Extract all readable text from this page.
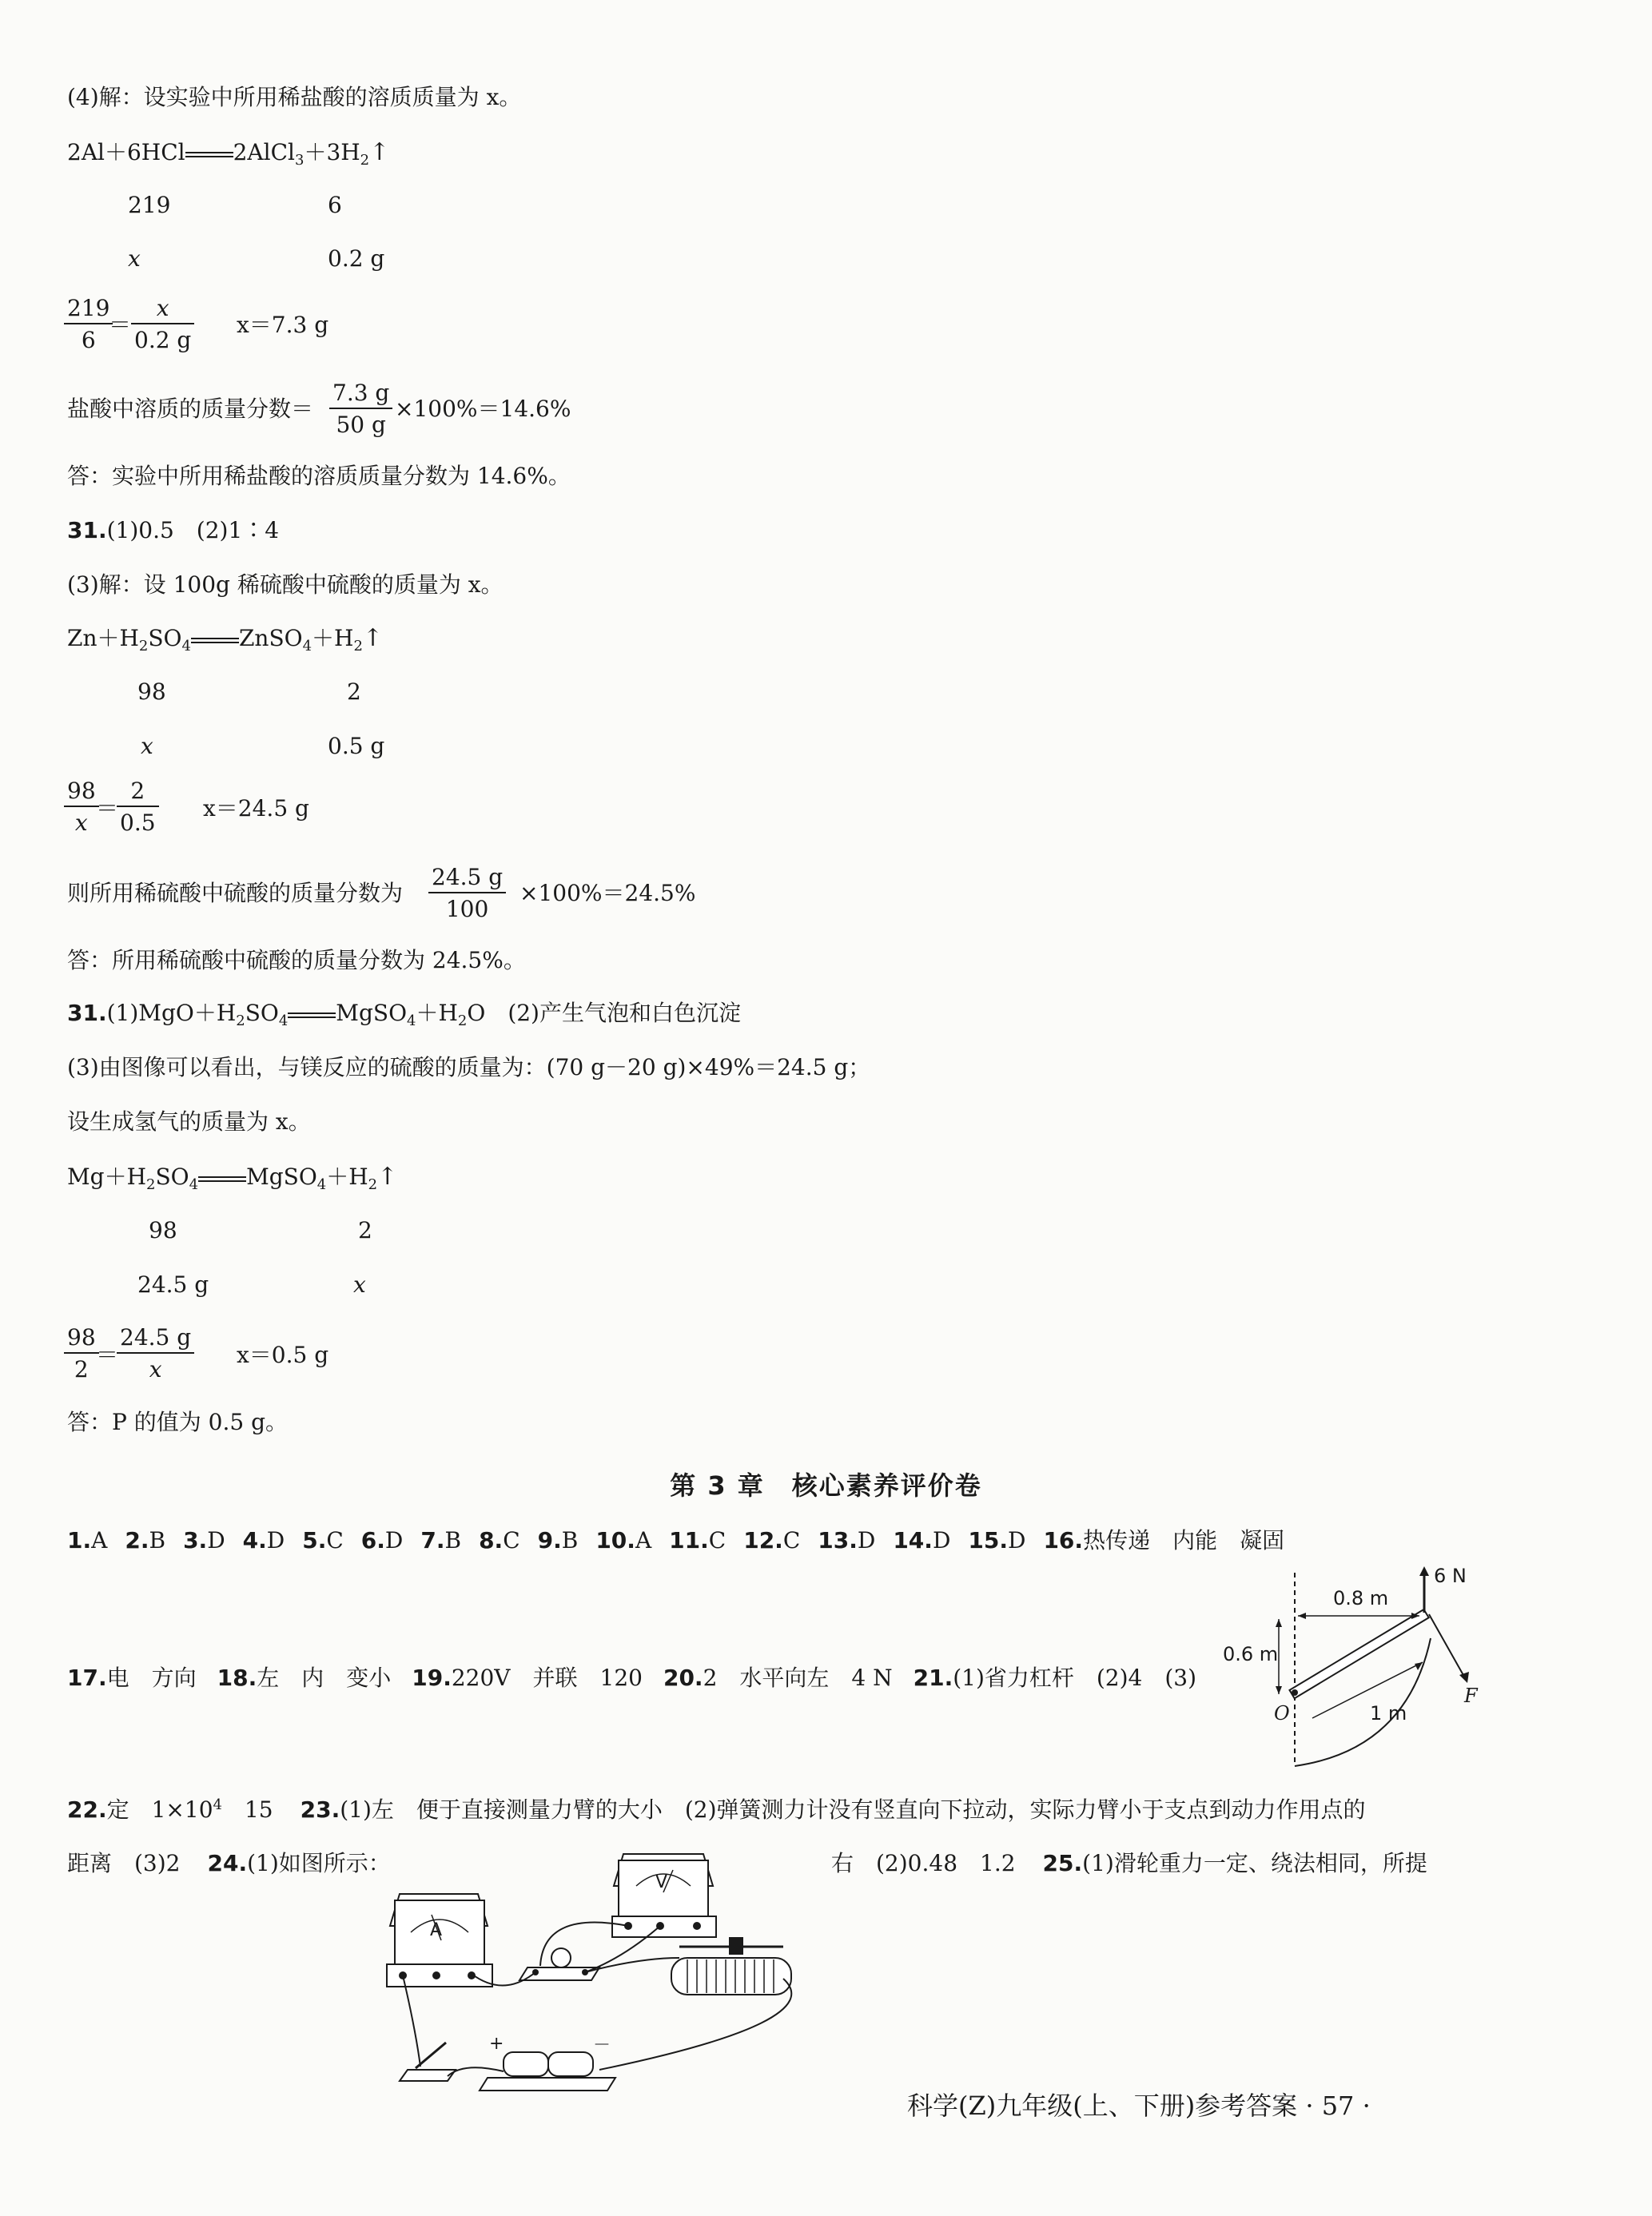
(4)解：设实验中所用稀盐酸的溶质质量为 x。
2Al＋6HCl $2AlCl_3+3H_2↑$
219	6
x	0.2 g
$\frac{219}{6}$
＝ $\frac{x}{0.2 g} x=7.3$ g
盐酸中溶质的质量分数＝ $\frac{7.3 g}{50 g} \times 100\%=14.6\%$
答：实验中所用稀盐酸的溶质质量分数为 14.6%。
31.(1)0.5　(2)1∶4
(3)解：设 100g 稀硫酸中硫酸的质量为 x。
$Zn+H_2SO_4$ $ZnSO_4+H_2↑$
98	2
x	0.5 g
$\frac{98}{x}$
＝
$\frac{2}{0.5} x=24.5$ g
则所用稀硫酸中硫酸的质量分数为 $\frac{24.5 g}{100} \times 100\%=24.5\%$
答：所用稀硫酸中硫酸的质量分数为 24.5%。
$31.(1)MgO+H_2SO_4$ $MgSO_4+H_2O$　(2)产生气泡和白色沉淀
(3)由图像可以看出，与镁反应的硫酸的质量为：(70 g－20 g)×49%＝24.5 g；
设生成氢气的质量为 x。
$Mg+H_2SO_4$ $MgSO_4+H_2↑$
98	2
24.5 g	x
$\frac{98}{2}$
＝
$\frac{24.5 g}{x} x=0.5$ g
答：P 的值为 0.5 g。
第 3 章　核心素养评价卷
1.A 2.B 3.D 4.D 5.C 6.D 7.B 8.C 9.B 10.A 11.C 12.C 13.D 14.D 15.D 16.热传递　内能　凝固
17.电　方向 18.左　内　变小 19.220V　并联　120 20.2　水平向左　4 N 21.(1)省力杠杆　(2)4　(3)
6 N
0.8 m
0.6 m
O	1 m
F
22.定　$1\times 10^4$　15 23.(1)左　便于直接测量力臂的大小　(2)弹簧测力计没有竖直向下拉动，实际力臂小于支点到动力作用点的
距离　(3)2 24.(1)如图所示：	右　(2)0.48　1.2 25.(1)滑轮重力一定、绕法相同，所提
V
A
+	－
科学(Z)九年级(上、下册)参考答案 · 57 ·
